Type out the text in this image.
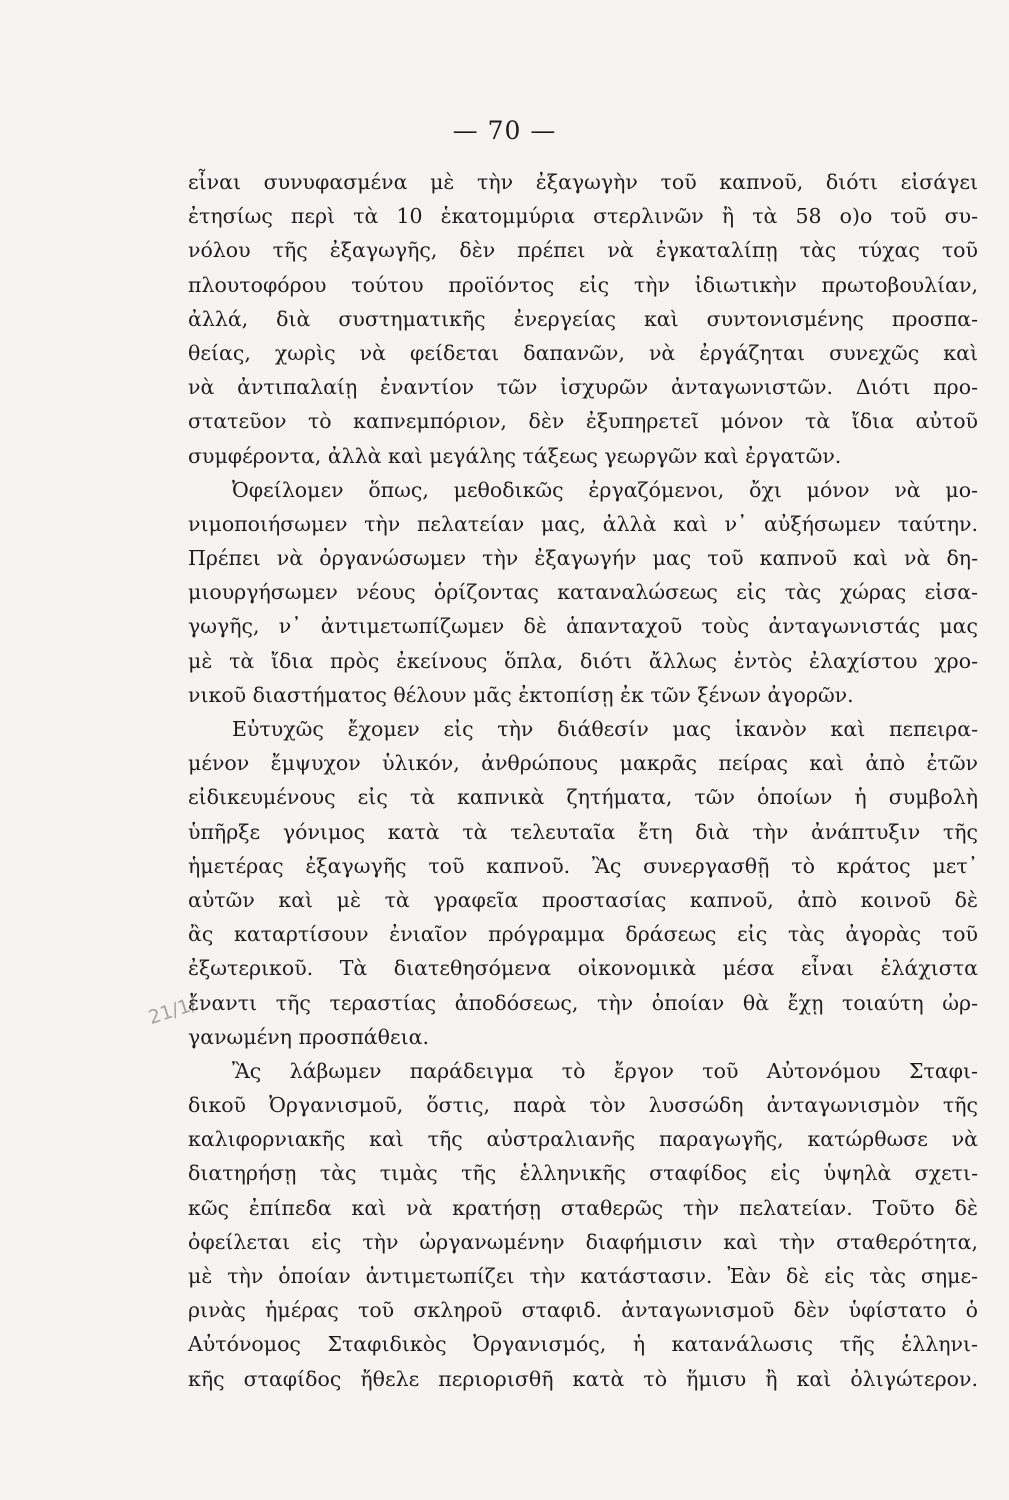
— 70 —
21/1/
εἶναι συνυφασμένα μὲ τὴν ἐξαγωγὴν τοῦ καπνοῦ, διότι εἰσάγει
ἐτησίως περὶ τὰ 10 ἑκατομμύρια στερλινῶν ἢ τὰ 58 ο)ο τοῦ συ-
νόλου τῆς ἐξαγωγῆς, δὲν πρέπει νὰ ἐγκαταλίπῃ τὰς τύχας τοῦ
πλουτοφόρου τούτου προϊόντος εἰς τὴν ἰδιωτικὴν πρωτοβουλίαν,
ἀλλά, διὰ συστηματικῆς ἐνεργείας καὶ συντονισμένης προσπα-
θείας, χωρὶς νὰ φείδεται δαπανῶν, νὰ ἐργάζηται συνεχῶς καὶ
νὰ ἀντιπαλαίῃ ἐναντίον τῶν ἰσχυρῶν ἀνταγωνιστῶν. Διότι προ-
στατεῦον τὸ καπνεμπόριον, δὲν ἐξυπηρετεῖ μόνον τὰ ἴδια αὐτοῦ
συμφέροντα, ἀλλὰ καὶ μεγάλης τάξεως γεωργῶν καὶ ἐργατῶν.
Ὀφείλομεν ὅπως, μεθοδικῶς ἐργαζόμενοι, ὄχι μόνον νὰ μο-
νιμοποιήσωμεν τὴν πελατείαν μας, ἀλλὰ καὶ ν᾽ αὐξήσωμεν ταύτην.
Πρέπει νὰ ὀργανώσωμεν τὴν ἐξαγωγήν μας τοῦ καπνοῦ καὶ νὰ δη-
μιουργήσωμεν νέους ὁρίζοντας καταναλώσεως εἰς τὰς χώρας εἰσα-
γωγῆς, ν᾽ ἀντιμετωπίζωμεν δὲ ἁπανταχοῦ τοὺς ἀνταγωνιστάς μας
μὲ τὰ ἴδια πρὸς ἐκείνους ὅπλα, διότι ἄλλως ἐντὸς ἐλαχίστου χρο-
νικοῦ διαστήματος θέλουν μᾶς ἐκτοπίσῃ ἐκ τῶν ξένων ἀγορῶν.
Εὐτυχῶς ἔχομεν εἰς τὴν διάθεσίν μας ἱκανὸν καὶ πεπειρα-
μένον ἔμψυχον ὑλικόν, ἀνθρώπους μακρᾶς πείρας καὶ ἀπὸ ἐτῶν
εἰδικευμένους εἰς τὰ καπνικὰ ζητήματα, τῶν ὁποίων ἡ συμβολὴ
ὑπῆρξε γόνιμος κατὰ τὰ τελευταῖα ἔτη διὰ τὴν ἀνάπτυξιν τῆς
ἡμετέρας ἐξαγωγῆς τοῦ καπνοῦ. Ἂς συνεργασθῇ τὸ κράτος μετ᾽
αὐτῶν καὶ μὲ τὰ γραφεῖα προστασίας καπνοῦ, ἀπὸ κοινοῦ δὲ
ἂς καταρτίσουν ἐνιαῖον πρόγραμμα δράσεως εἰς τὰς ἀγορὰς τοῦ
ἐξωτερικοῦ. Τὰ διατεθησόμενα οἰκονομικὰ μέσα εἶναι ἐλάχιστα
ἔναντι τῆς τεραστίας ἀποδόσεως, τὴν ὁποίαν θὰ ἔχῃ τοιαύτη ὠρ-
γανωμένη προσπάθεια.
Ἂς λάβωμεν παράδειγμα τὸ ἔργον τοῦ Αὐτονόμου Σταφι-
δικοῦ Ὀργανισμοῦ, ὅστις, παρὰ τὸν λυσσώδη ἀνταγωνισμὸν τῆς
καλιφορνιακῆς καὶ τῆς αὐστραλιανῆς παραγωγῆς, κατώρθωσε νὰ
διατηρήσῃ τὰς τιμὰς τῆς ἑλληνικῆς σταφίδος εἰς ὑψηλὰ σχετι-
κῶς ἐπίπεδα καὶ νὰ κρατήσῃ σταθερῶς τὴν πελατείαν. Τοῦτο δὲ
ὀφείλεται εἰς τὴν ὠργανωμένην διαφήμισιν καὶ τὴν σταθερότητα,
μὲ τὴν ὁποίαν ἀντιμετωπίζει τὴν κατάστασιν. Ἐὰν δὲ εἰς τὰς σημε-
ρινὰς ἡμέρας τοῦ σκληροῦ σταφιδ. ἀνταγωνισμοῦ δὲν ὑφίστατο ὁ
Αὐτόνομος Σταφιδικὸς Ὀργανισμός, ἡ κατανάλωσις τῆς ἑλληνι-
κῆς σταφίδος ἤθελε περιορισθῆ κατὰ τὸ ἥμισυ ἢ καὶ ὀλιγώτερον.
